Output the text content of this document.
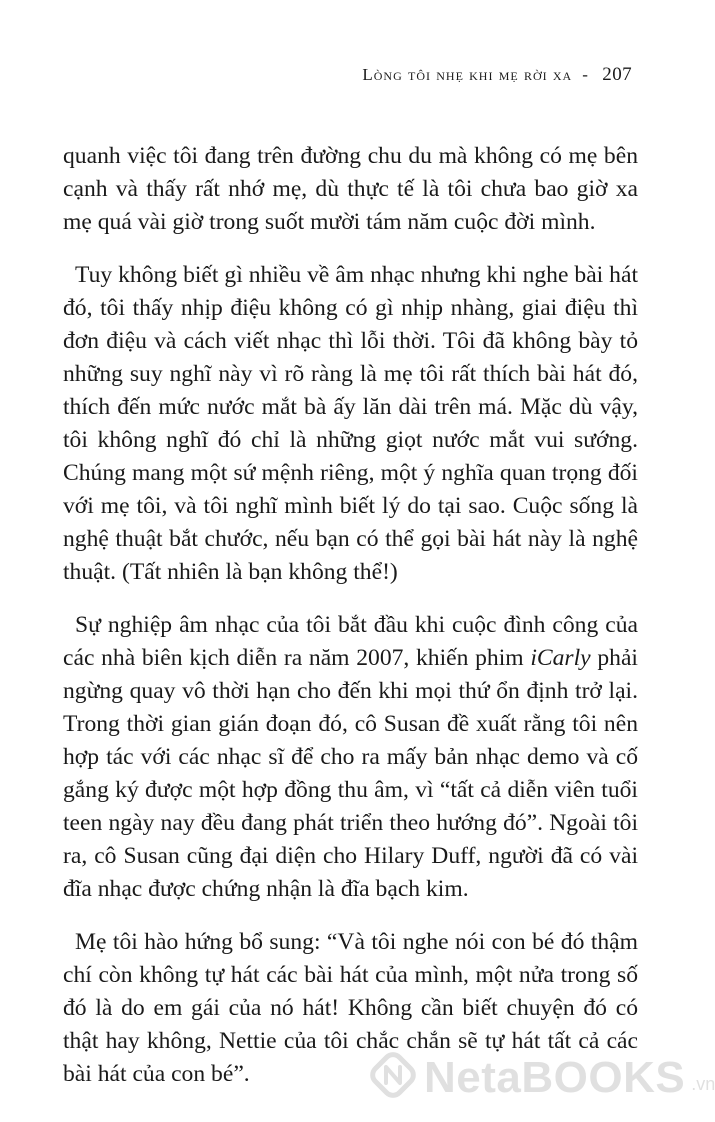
Lòng tôi nhẹ khi mẹ rời xa - 207

quanh việc tôi đang trên đường chu du mà không có mẹ bên cạnh và thấy rất nhớ mẹ, dù thực tế là tôi chưa bao giờ xa mẹ quá vài giờ trong suốt mười tám năm cuộc đời mình.

Tuy không biết gì nhiều về âm nhạc nhưng khi nghe bài hát đó, tôi thấy nhịp điệu không có gì nhịp nhàng, giai điệu thì đơn điệu và cách viết nhạc thì lỗi thời. Tôi đã không bày tỏ những suy nghĩ này vì rõ ràng là mẹ tôi rất thích bài hát đó, thích đến mức nước mắt bà ấy lăn dài trên má. Mặc dù vậy, tôi không nghĩ đó chỉ là những giọt nước mắt vui sướng. Chúng mang một sứ mệnh riêng, một ý nghĩa quan trọng đối với mẹ tôi, và tôi nghĩ mình biết lý do tại sao. Cuộc sống là nghệ thuật bắt chước, nếu bạn có thể gọi bài hát này là nghệ thuật. (Tất nhiên là bạn không thể!)

Sự nghiệp âm nhạc của tôi bắt đầu khi cuộc đình công của các nhà biên kịch diễn ra năm 2007, khiến phim iCarly phải ngừng quay vô thời hạn cho đến khi mọi thứ ổn định trở lại. Trong thời gian gián đoạn đó, cô Susan đề xuất rằng tôi nên hợp tác với các nhạc sĩ để cho ra mấy bản nhạc demo và cố gắng ký được một hợp đồng thu âm, vì “tất cả diễn viên tuổi teen ngày nay đều đang phát triển theo hướng đó”. Ngoài tôi ra, cô Susan cũng đại diện cho Hilary Duff, người đã có vài đĩa nhạc được chứng nhận là đĩa bạch kim.

Mẹ tôi hào hứng bổ sung: “Và tôi nghe nói con bé đó thậm chí còn không tự hát các bài hát của mình, một nửa trong số đó là do em gái của nó hát! Không cần biết chuyện đó có thật hay không, Nettie của tôi chắc chắn sẽ tự hát tất cả các bài hát của con bé”.	NetaBOOKS .vn
